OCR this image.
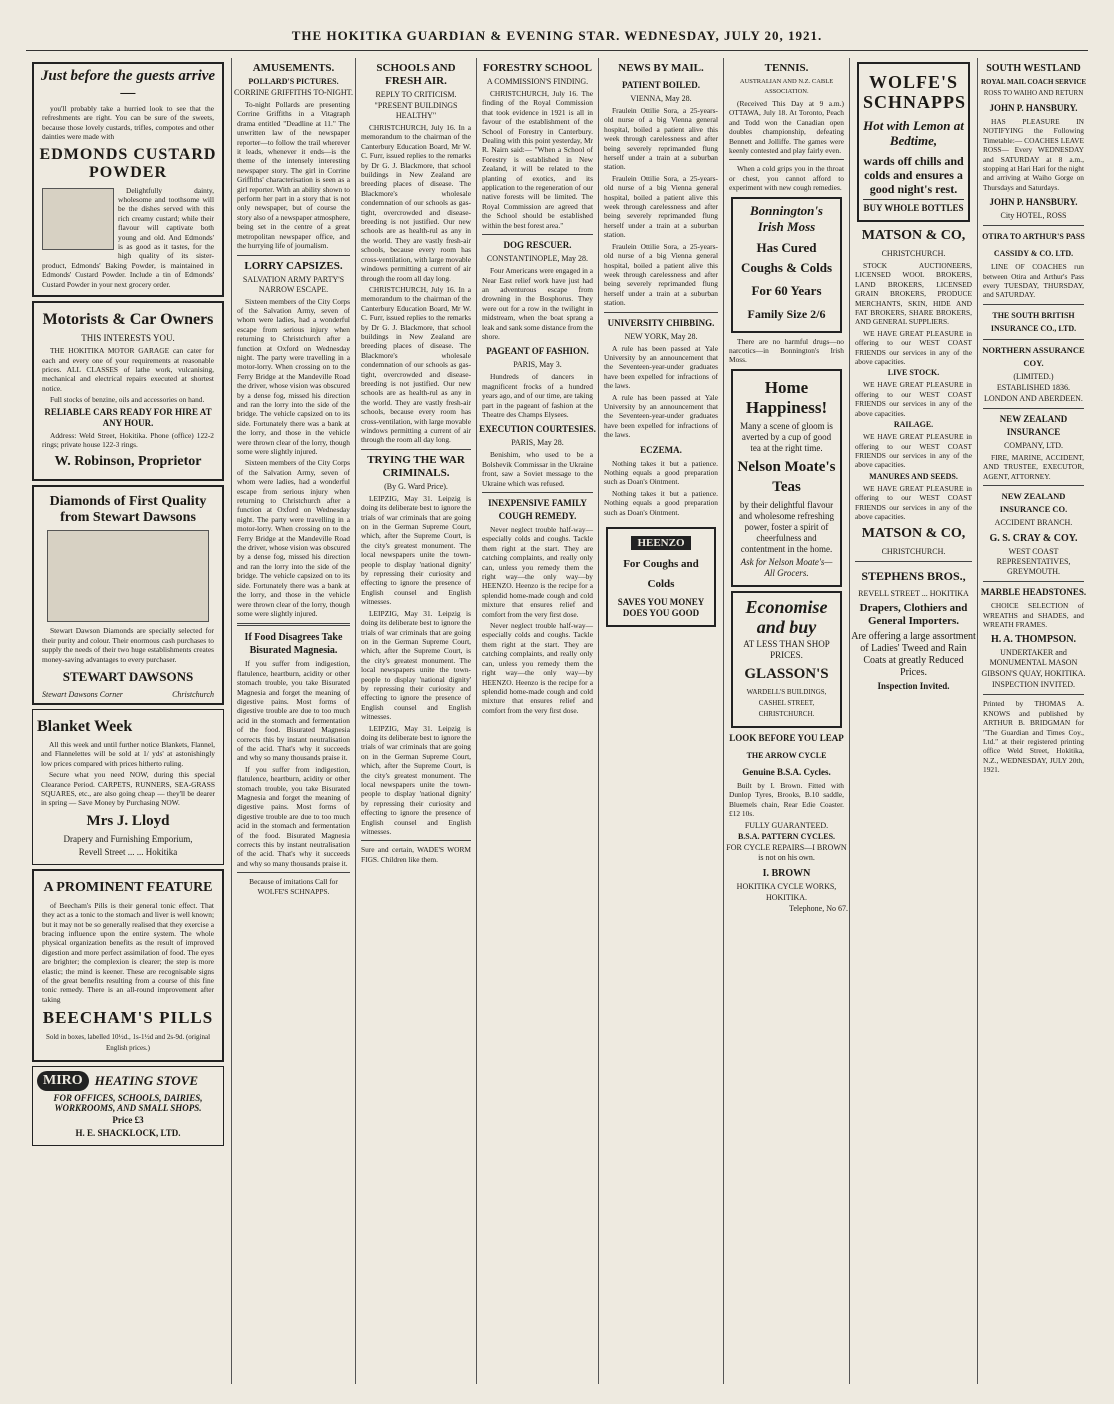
THE HOKITIKA GUARDIAN & EVENING STAR. WEDNESDAY, JULY 20, 1921.
Just before the guests arrive—
you'll probably take a hurried look to see that the refreshments are right. You can be sure of the sweets, because those lovely custards, trifles, compotes and other dainties were made with
EDMONDS CUSTARD POWDER
Delightfully dainty, wholesome and toothsome will be the dishes served with this rich creamy custard; while their flavour will captivate both young and old. And Edmonds' is as good as it tastes, for the high quality of its sister-product, Edmonds' Baking Powder, is maintained in Edmonds' Custard Powder. Include a tin of Edmonds' Custard Powder in your next grocery order.
Motorists & Car Owners
THIS INTERESTS YOU.
THE HOKITIKA MOTOR GARAGE can cater for each and every one of your requirements at reasonable prices. ALL CLASSES of lathe work, vulcanising, mechanical and electrical repairs executed at shortest notice.
Full stocks of benzine, oils and accessories on hand.
RELIABLE CARS READY FOR HIRE AT ANY HOUR.
Address: Weld Street, Hokitika. Phone (office) 122-2 rings; private house 122-3 rings.
W. Robinson, Proprietor
Diamonds of First Quality from Stewart Dawsons
Stewart Dawson Diamonds are specially selected for their purity and colour. Their enormous cash purchases to supply the needs of their two huge establishments creates money-saving advantages to every purchaser.
STEWART DAWSONS
Stewart Dawsons Corner	Christchurch
Blanket Week
All this week and until further notice Blankets, Flannel, and Flannelettes will be sold at 1/ yds' at astonishingly low prices compared with prices hitherto ruling.
Secure what you need NOW, during this special Clearance Period. CARPETS, RUNNERS, SEA-GRASS SQUARES, etc., are also going cheap — they'll be dearer in spring — Save Money by Purchasing NOW.
Mrs J. Lloyd
Drapery and Furnishing Emporium,
Revell Street ... ... Hokitika
A PROMINENT FEATURE
of Beecham's Pills is their general tonic effect. That they act as a tonic to the stomach and liver is well known; but it may not be so generally realised that they exercise a bracing influence upon the entire system. The whole physical organization benefits as the result of improved digestion and more perfect assimilation of food. The eyes are brighter; the complexion is clearer; the step is more elastic; the mind is keener. These are recognisable signs of the great benefits resulting from a course of this fine tonic remedy. There is an all-round improvement after taking
BEECHAM'S PILLS
Sold in boxes, labelled 10½d., 1s-1½d and 2s-9d. (original English prices.)
MIRO HEATING STOVE
FOR OFFICES, SCHOOLS, DAIRIES, WORKROOMS, AND SMALL SHOPS.
Price £3
H. E. SHACKLOCK, LTD.
AMUSEMENTS.
POLLARD'S PICTURES.
CORRINE GRIFFITHS TO-NIGHT.
To-night Pollards are presenting Corrine Griffiths in a Vitagraph drama entitled "Deadline at 11." The unwritten law of the newspaper reporter—to follow the trail wherever it leads, whenever it ends—is the theme of the intensely interesting newspaper story. The girl in Corrine Griffiths' characterisation is seen as a girl reporter. With an ability shown to perform her part in a story that is not only newspaper, but of course the story also of a newspaper atmosphere, being set in the centre of a great metropolitan newspaper office, and the hurrying life of journalism.
LORRY CAPSIZES.
SALVATION ARMY PARTY'S NARROW ESCAPE.
Sixteen members of the City Corps of the Salvation Army, seven of whom were ladies, had a wonderful escape from serious injury when returning to Christchurch after a function at Oxford on Wednesday night. The party were travelling in a motor-lorry. When crossing on to the Ferry Bridge at the Mandeville Road the driver, whose vision was obscured by a dense fog, missed his direction and ran the lorry into the side of the bridge. The vehicle capsized on to its side. Fortunately there was a bank at the lorry, and those in the vehicle were thrown clear of the lorry, though some were slightly injured.
Sixteen members of the City Corps of the Salvation Army, seven of whom were ladies, had a wonderful escape from serious injury when returning to Christchurch after a function at Oxford on Wednesday night. The party were travelling in a motor-lorry. When crossing on to the Ferry Bridge at the Mandeville Road the driver, whose vision was obscured by a dense fog, missed his direction and ran the lorry into the side of the bridge. The vehicle capsized on to its side. Fortunately there was a bank at the lorry, and those in the vehicle were thrown clear of the lorry, though some were slightly injured.
If Food Disagrees Take Bisurated Magnesia.
If you suffer from indigestion, flatulence, heartburn, acidity or other stomach trouble, you take Bisurated Magnesia and forget the meaning of digestive pains. Most forms of digestive trouble are due to too much acid in the stomach and fermentation of the food. Bisurated Magnesia corrects this by instant neutralisation of the acid. That's why it succeeds and why so many thousands praise it.
If you suffer from indigestion, flatulence, heartburn, acidity or other stomach trouble, you take Bisurated Magnesia and forget the meaning of digestive pains. Most forms of digestive trouble are due to too much acid in the stomach and fermentation of the food. Bisurated Magnesia corrects this by instant neutralisation of the acid. That's why it succeeds and why so many thousands praise it.
Because of imitations Call for WOLFE'S SCHNAPPS.
SCHOOLS AND FRESH AIR.
REPLY TO CRITICISM.
"PRESENT BUILDINGS HEALTHY"
CHRISTCHURCH, July 16. In a memorandum to the chairman of the Canterbury Education Board, Mr W. C. Furr, issued replies to the remarks by Dr G. J. Blackmore, that school buildings in New Zealand are breeding places of disease. The Blackmore's wholesale condemnation of our schools as gas-tight, overcrowded and disease-breeding is not justified. Our new schools are as health-rul as any in the world. They are vastly fresh-air schools, because every room has cross-ventilation, with large movable windows permitting a current of air through the room all day long.
CHRISTCHURCH, July 16. In a memorandum to the chairman of the Canterbury Education Board, Mr W. C. Furr, issued replies to the remarks by Dr G. J. Blackmore, that school buildings in New Zealand are breeding places of disease. The Blackmore's wholesale condemnation of our schools as gas-tight, overcrowded and disease-breeding is not justified. Our new schools are as health-rul as any in the world. They are vastly fresh-air schools, because every room has cross-ventilation, with large movable windows permitting a current of air through the room all day long.
TRYING THE WAR CRIMINALS.
(By G. Ward Price).
LEIPZIG, May 31. Leipzig is doing its deliberate best to ignore the trials of war criminals that are going on in the German Supreme Court, which, after the Supreme Court, is the city's greatest monument. The local newspapers unite the town-people to display 'national dignity' by repressing their curiosity and effecting to ignore the presence of English counsel and English witnesses.
LEIPZIG, May 31. Leipzig is doing its deliberate best to ignore the trials of war criminals that are going on in the German Supreme Court, which, after the Supreme Court, is the city's greatest monument. The local newspapers unite the town-people to display 'national dignity' by repressing their curiosity and effecting to ignore the presence of English counsel and English witnesses.
LEIPZIG, May 31. Leipzig is doing its deliberate best to ignore the trials of war criminals that are going on in the German Supreme Court, which, after the Supreme Court, is the city's greatest monument. The local newspapers unite the town-people to display 'national dignity' by repressing their curiosity and effecting to ignore the presence of English counsel and English witnesses.
Sure and certain, WADE'S WORM FIGS. Children like them.
FORESTRY SCHOOL
A COMMISSION'S FINDING.
CHRISTCHURCH, July 16. The finding of the Royal Commission that took evidence in 1921 is all in favour of the establishment of the School of Forestry in Canterbury. Dealing with this point yesterday, Mr R. Nairn said:— "When a School of Forestry is established in New Zealand, it will be related to the planting of exotics, and its application to the regeneration of our native forests will be limited. The Royal Commission are agreed that the School should be established within the best forest area."
DOG RESCUER.
CONSTANTINOPLE, May 28.
Four Americans were engaged in a Near East relief work have just had an adventurous escape from drowning in the Bosphorus. They were out for a row in the twilight in midstream, when the boat sprang a leak and sank some distance from the shore.
PAGEANT OF FASHION.
PARIS, May 3.
Hundreds of dancers in magnificent frocks of a hundred years ago, and of our time, are taking part in the pageant of fashion at the Theatre des Champs Elysees.
EXECUTION COURTESIES.
PARIS, May 28.
Benishim, who used to be a Bolshevik Commissar in the Ukraine front, saw a Soviet message to the Ukraine which was refused.
INEXPENSIVE FAMILY COUGH REMEDY.
Never neglect trouble half-way—especially colds and coughs. Tackle them right at the start. They are catching complaints, and really only can, unless you remedy them the right way—the only way—by HEENZO. Heenzo is the recipe for a splendid home-made cough and cold mixture that ensures relief and comfort from the very first dose.
Never neglect trouble half-way—especially colds and coughs. Tackle them right at the start. They are catching complaints, and really only can, unless you remedy them the right way—the only way—by HEENZO. Heenzo is the recipe for a splendid home-made cough and cold mixture that ensures relief and comfort from the very first dose.
NEWS BY MAIL.
PATIENT BOILED.
VIENNA, May 28.
Fraulein Ottilie Sora, a 25-years-old nurse of a big Vienna general hospital, boiled a patient alive this week through carelessness and after being severely reprimanded flung herself under a train at a suburban station.
Fraulein Ottilie Sora, a 25-years-old nurse of a big Vienna general hospital, boiled a patient alive this week through carelessness and after being severely reprimanded flung herself under a train at a suburban station.
Fraulein Ottilie Sora, a 25-years-old nurse of a big Vienna general hospital, boiled a patient alive this week through carelessness and after being severely reprimanded flung herself under a train at a suburban station.
UNIVERSITY CHIBBING.
NEW YORK, May 28.
A rule has been passed at Yale University by an announcement that the Seventeen-year-under graduates have been expelled for infractions of the laws.
A rule has been passed at Yale University by an announcement that the Seventeen-year-under graduates have been expelled for infractions of the laws.
ECZEMA.
Nothing takes it but a patience. Nothing equals a good preparation such as Doan's Ointment.
Nothing takes it but a patience. Nothing equals a good preparation such as Doan's Ointment.
HEENZO
For Coughs and Colds
SAVES YOU MONEY DOES YOU GOOD
TENNIS.
AUSTRALIAN AND N.Z. CABLE ASSOCIATION.
(Received This Day at 9 a.m.) OTTAWA, July 18. At Toronto, Peach and Todd won the Canadian open doubles championship, defeating Bennett and Jolliffe. The games were keenly contested and play fairly even.
When a cold grips you in the throat or chest, you cannot afford to experiment with new cough remedies.
Bonnington's Irish Moss
Has Cured Coughs & Colds
For 60 Years
Family Size 2/6
There are no harmful drugs—no narcotics—in Bonnington's Irish Moss.
Home Happiness!
Many a scene of gloom is averted by a cup of good tea at the right time.
Nelson Moate's Teas
by their delightful flavour and wholesome refreshing power, foster a spirit of cheerfulness and contentment in the home.
Ask for Nelson Moate's—All Grocers.
Economise and buy
AT LESS THAN SHOP PRICES.
GLASSON'S
WARDELL'S BUILDINGS, CASHEL STREET, CHRISTCHURCH.
LOOK BEFORE YOU LEAP
THE ARROW CYCLE
Genuine B.S.A. Cycles.
Built by I. Brown. Fitted with Dunlop Tyres, Brooks, B.10 saddle, Bluemels chain, Rear Edie Coaster. £12 10s.
FULLY GUARANTEED.
B.S.A. PATTERN CYCLES.
FOR CYCLE REPAIRS—I BROWN is not on his own.
I. BROWN
HOKITIKA CYCLE WORKS,
HOKITIKA.
Telephone, No 67.
WOLFE'S SCHNAPPS
Hot with Lemon at Bedtime,
wards off chills and colds and ensures a good night's rest.
BUY WHOLE BOTTLES
MATSON & CO,
CHRISTCHURCH.
STOCK AUCTIONEERS, LICENSED WOOL BROKERS, LAND BROKERS, LICENSED GRAIN BROKERS, PRODUCE MERCHANTS, SKIN, HIDE AND FAT BROKERS, SHARE BROKERS, AND GENERAL SUPPLIERS.
WE HAVE GREAT PLEASURE in offering to our WEST COAST FRIENDS our services in any of the above capacities.
LIVE STOCK.
WE HAVE GREAT PLEASURE in offering to our WEST COAST FRIENDS our services in any of the above capacities.
RAILAGE.
WE HAVE GREAT PLEASURE in offering to our WEST COAST FRIENDS our services in any of the above capacities.
MANURES AND SEEDS.
WE HAVE GREAT PLEASURE in offering to our WEST COAST FRIENDS our services in any of the above capacities.
MATSON & CO,
CHRISTCHURCH.
STEPHENS BROS.,
REVELL STREET ... HOKITIKA
Drapers, Clothiers and General Importers.
Are offering a large assortment of Ladies' Tweed and Rain Coats at greatly Reduced Prices.
Inspection Invited.
SOUTH WESTLAND
ROYAL MAIL COACH SERVICE
ROSS TO WAIHO AND RETURN
JOHN P. HANSBURY.
HAS PLEASURE IN NOTIFYING the Following Timetable:— COACHES LEAVE ROSS— Every WEDNESDAY and SATURDAY at 8 a.m., stopping at Hari Hari for the night and arriving at Waiho Gorge on Thursdays and Saturdays.
JOHN P. HANSBURY.
City HOTEL, ROSS
OTIRA TO ARTHUR'S PASS
CASSIDY & CO. LTD.
LINE OF COACHES run between Otira and Arthur's Pass every TUESDAY, THURSDAY, and SATURDAY.
THE SOUTH BRITISH INSURANCE CO., LTD.
NORTHERN ASSURANCE COY.
(LIMITED.)
ESTABLISHED 1836.
LONDON AND ABERDEEN.
NEW ZEALAND INSURANCE
COMPANY, LTD.
FIRE, MARINE, ACCIDENT, AND TRUSTEE, EXECUTOR, AGENT, ATTORNEY.
NEW ZEALAND INSURANCE CO.
ACCIDENT BRANCH.
G. S. CRAY & COY.
WEST COAST REPRESENTATIVES, GREYMOUTH.
MARBLE HEADSTONES.
CHOICE SELECTION of WREATHS and SHADES, and WREATH FRAMES.
H. A. THOMPSON.
UNDERTAKER and MONUMENTAL MASON
GIBSON'S QUAY, HOKITIKA.
INSPECTION INVITED.
Printed by THOMAS A. KNOWS and published by ARTHUR B. BRIDGMAN for "The Guardian and Times Coy., Ltd." at their registered printing office Weld Street, Hokitika, N.Z., WEDNESDAY, JULY 20th, 1921.
